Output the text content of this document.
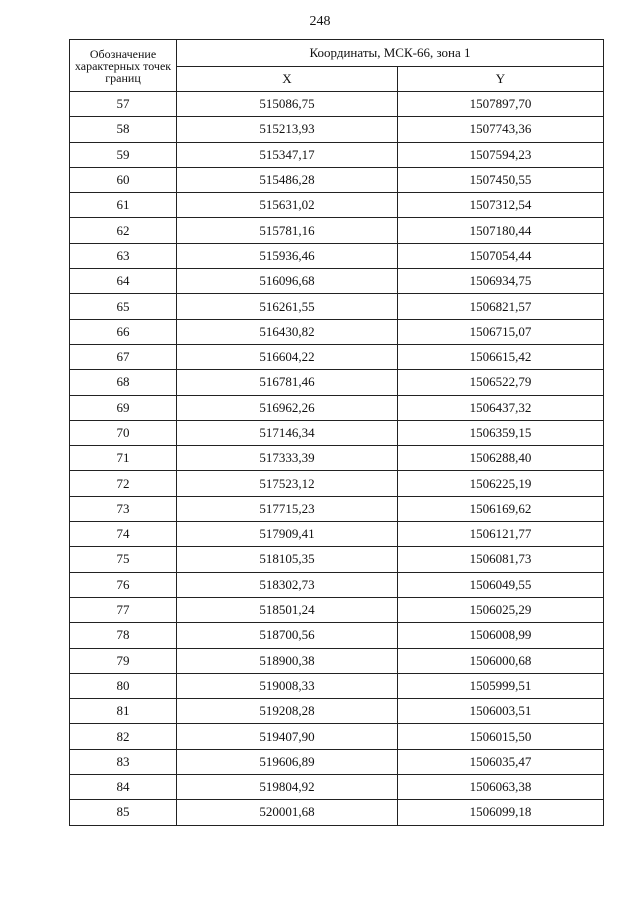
248
Обозначение характерных точек границ	Координаты, МСК-66, зона 1	
	X	Y
57	515086,75	1507897,70
58	515213,93	1507743,36
59	515347,17	1507594,23
60	515486,28	1507450,55
61	515631,02	1507312,54
62	515781,16	1507180,44
63	515936,46	1507054,44
64	516096,68	1506934,75
65	516261,55	1506821,57
66	516430,82	1506715,07
67	516604,22	1506615,42
68	516781,46	1506522,79
69	516962,26	1506437,32
70	517146,34	1506359,15
71	517333,39	1506288,40
72	517523,12	1506225,19
73	517715,23	1506169,62
74	517909,41	1506121,77
75	518105,35	1506081,73
76	518302,73	1506049,55
77	518501,24	1506025,29
78	518700,56	1506008,99
79	518900,38	1506000,68
80	519008,33	1505999,51
81	519208,28	1506003,51
82	519407,90	1506015,50
83	519606,89	1506035,47
84	519804,92	1506063,38
85	520001,68	1506099,18
